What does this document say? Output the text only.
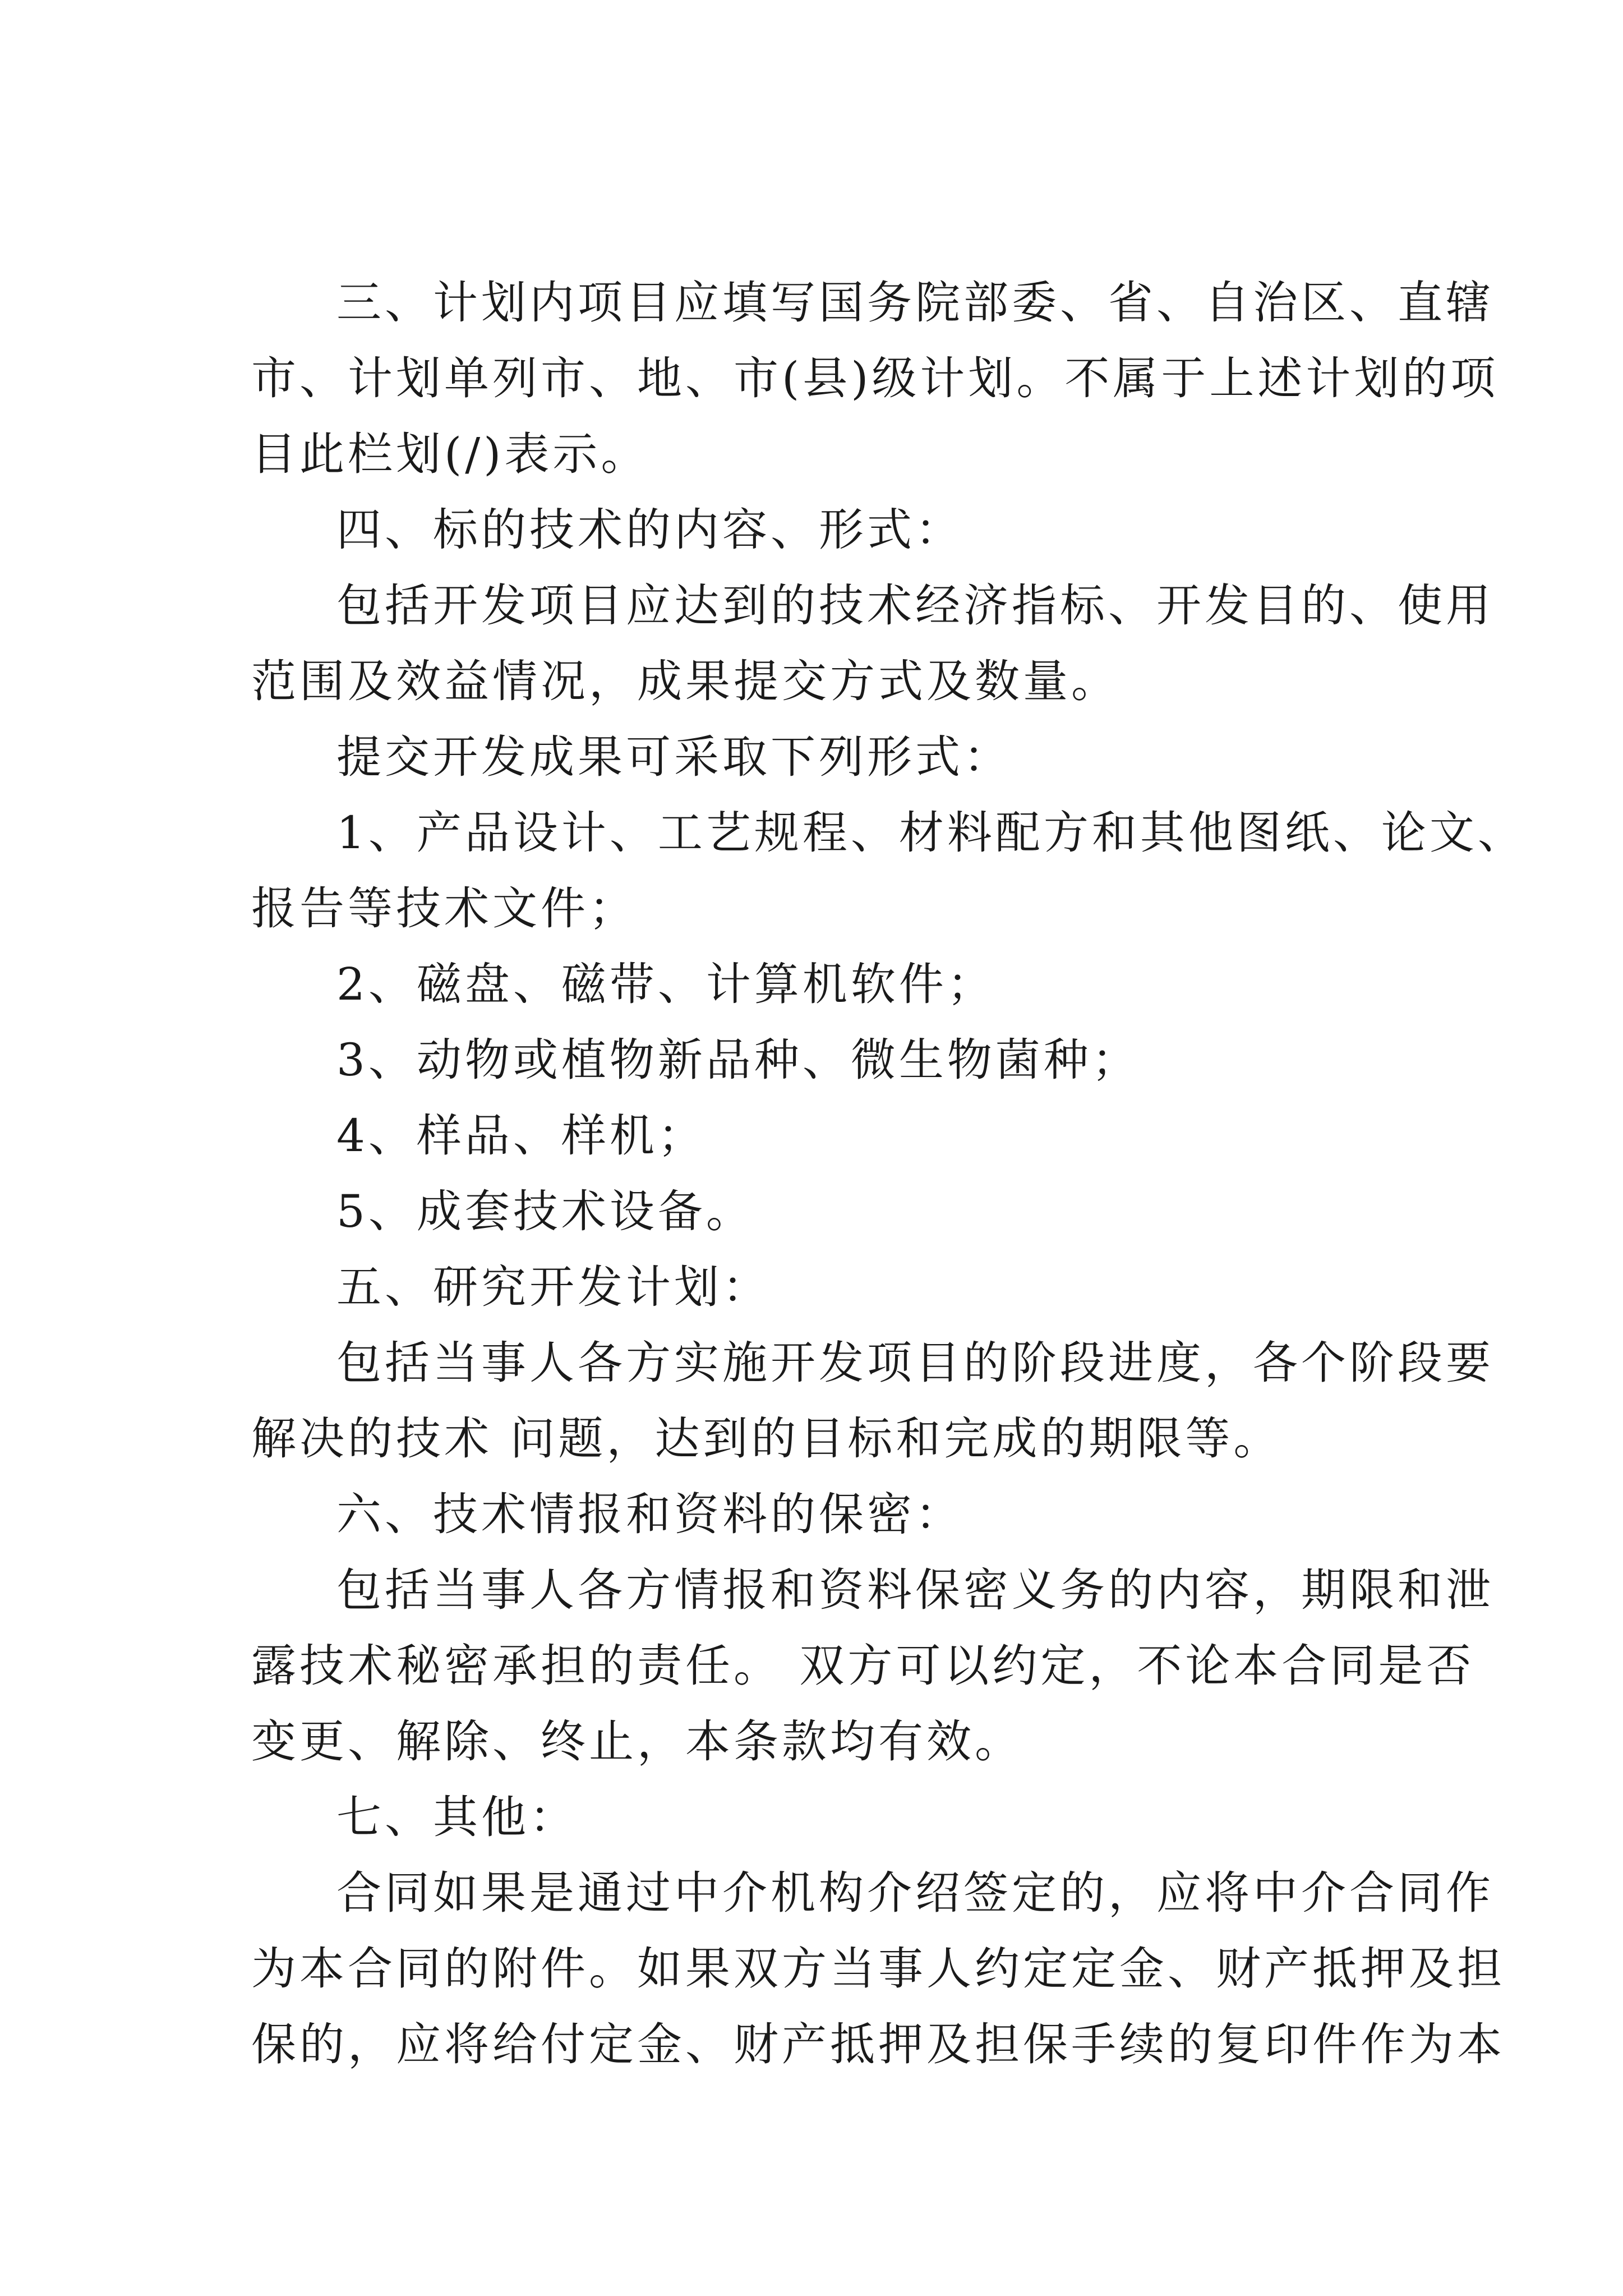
三、计划内项目应填写国务院部委、省、自治区、直辖

市、计划单列市、地、市(县)级计划。不属于上述计划的项

目此栏划(/)表示。

四、标的技术的内容、形式：

包括开发项目应达到的技术经济指标、开发目的、使用

范围及效益情况，成果提交方式及数量。

提交开发成果可采取下列形式：

1、产品设计、工艺规程、材料配方和其他图纸、论文、

报告等技术文件；

2、磁盘、磁带、计算机软件；

3、动物或植物新品种、微生物菌种；

4、样品、样机；

5、成套技术设备。

五、研究开发计划：

包括当事人各方实施开发项目的阶段进度，各个阶段要

解决的技术 问题，达到的目标和完成的期限等。

六、技术情报和资料的保密：

包括当事人各方情报和资料保密义务的内容，期限和泄

露技术秘密承担的责任。 双方可以约定，不论本合同是否

变更、解除、终止，本条款均有效。

七、其他：

合同如果是通过中介机构介绍签定的，应将中介合同作

为本合同的附件。如果双方当事人约定定金、财产抵押及担

保的，应将给付定金、财产抵押及担保手续的复印件作为本
